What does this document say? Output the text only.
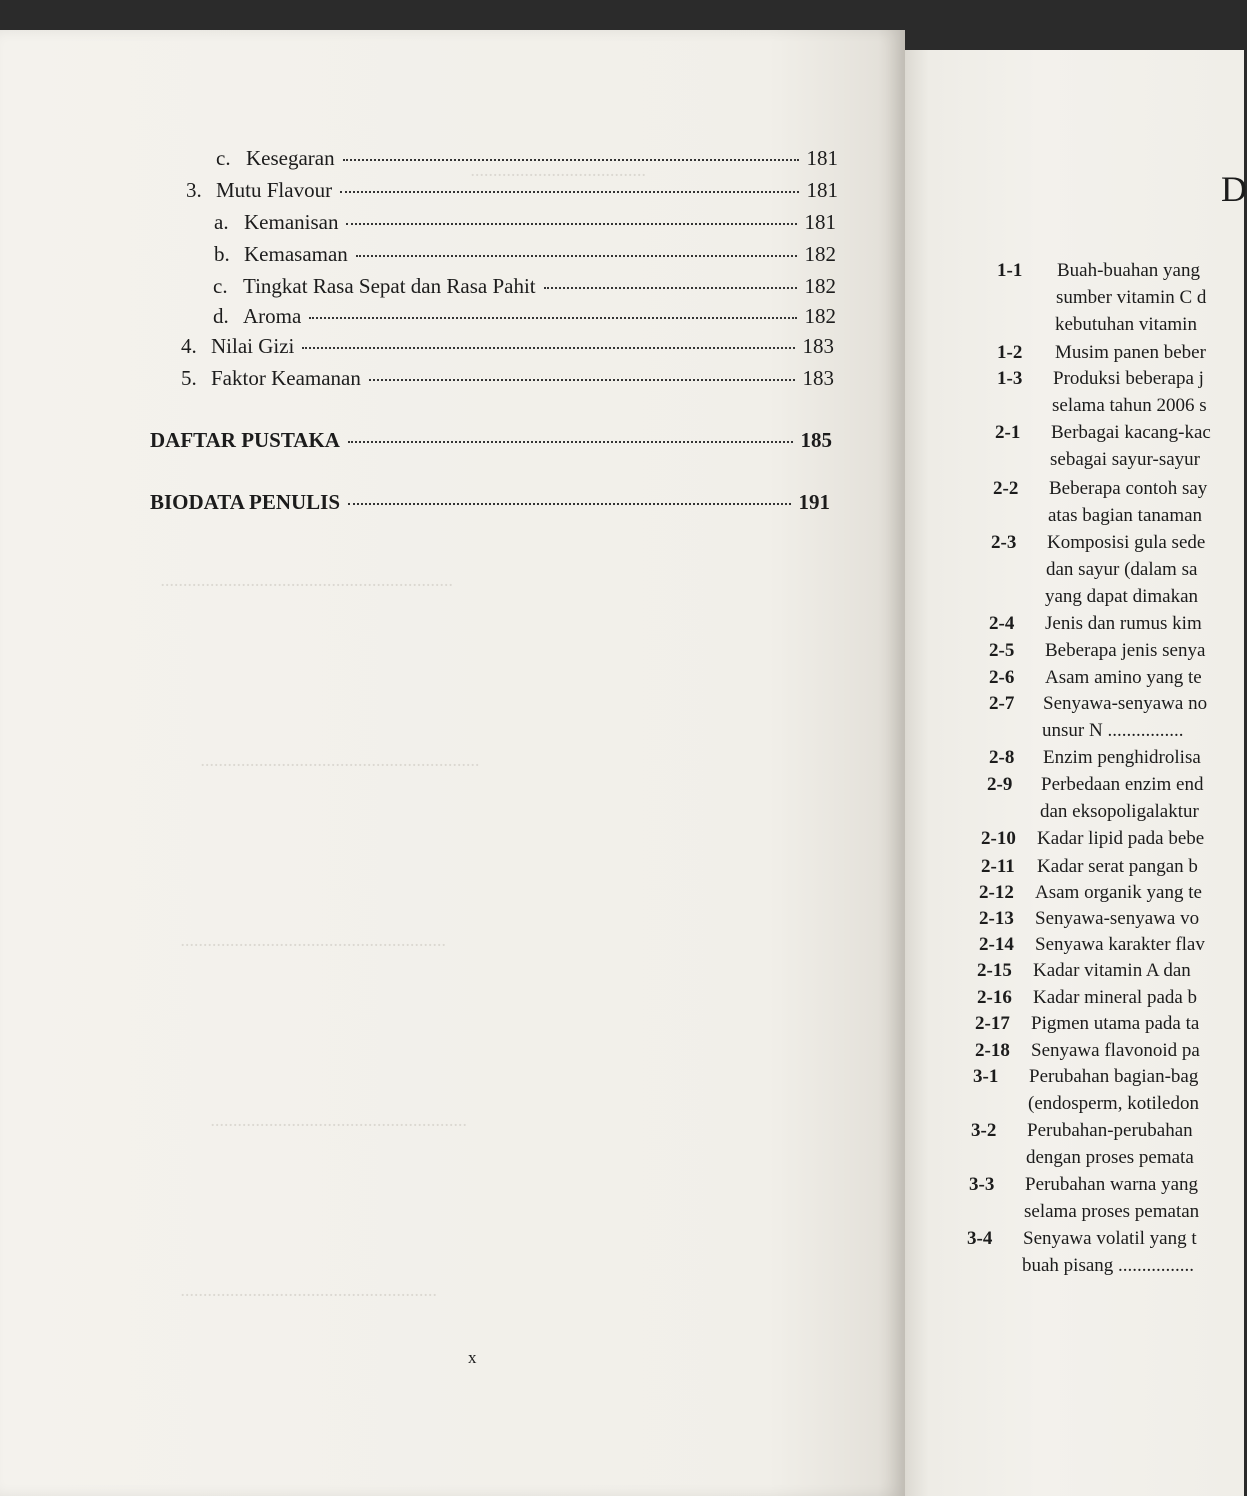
.......................................
.................................................................
..............................................................
...........................................................
.........................................................
.........................................................
c. Kesegaran	181
3. Mutu Flavour	181
a. Kemanisan	181
b. Kemasaman	182
c. Tingkat Rasa Sepat dan Rasa Pahit	182
d. Aroma	182
4. Nilai Gizi	183
5. Faktor Keamanan	183
DAFTAR PUSTAKA	185
BIODATA PENULIS	191
x
D
1-1 Buah-buahan yang
sumber vitamin C d
kebutuhan vitamin
1-2 Musim panen beber
1-3 Produksi beberapa j
selama tahun 2006 s
2-1 Berbagai kacang-kac
sebagai sayur-sayur
2-2 Beberapa contoh say
atas bagian tanaman
2-3 Komposisi gula sede
dan sayur (dalam sa
yang dapat dimakan
2-4 Jenis dan rumus kim
2-5 Beberapa jenis senya
2-6 Asam amino yang te
2-7 Senyawa-senyawa no
unsur N ................
2-8 Enzim penghidrolisa
2-9 Perbedaan enzim end
dan eksopoligalaktur
2-10 Kadar lipid pada bebe
2-11 Kadar serat pangan b
2-12 Asam organik yang te
2-13 Senyawa-senyawa vo
2-14 Senyawa karakter flav
2-15 Kadar vitamin A dan
2-16 Kadar mineral pada b
2-17 Pigmen utama pada ta
2-18 Senyawa flavonoid pa
3-1 Perubahan bagian-bag
(endosperm, kotiledon
3-2 Perubahan-perubahan
dengan proses pemata
3-3 Perubahan warna yang
selama proses pematan
3-4 Senyawa volatil yang t
buah pisang ................
